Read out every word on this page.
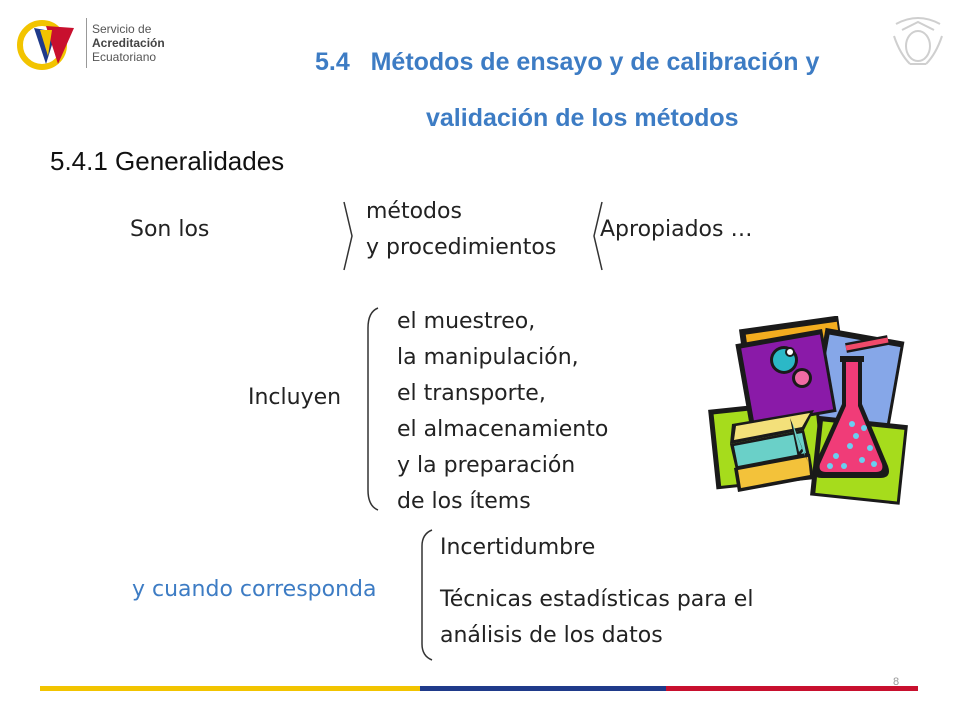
Servicio de
Acreditación
Ecuatoriano	5.4   Métodos de ensayo y de calibración y
validación de los métodos
5.4.1 Generalidades
Son los
métodos
y procedimientos
Apropiados …
Incluyen
el muestreo,
la manipulación,
el transporte,
el almacenamiento
y la preparación
de los ítems
y cuando corresponda
Incertidumbre
Técnicas estadísticas para el
análisis de los datos
8
